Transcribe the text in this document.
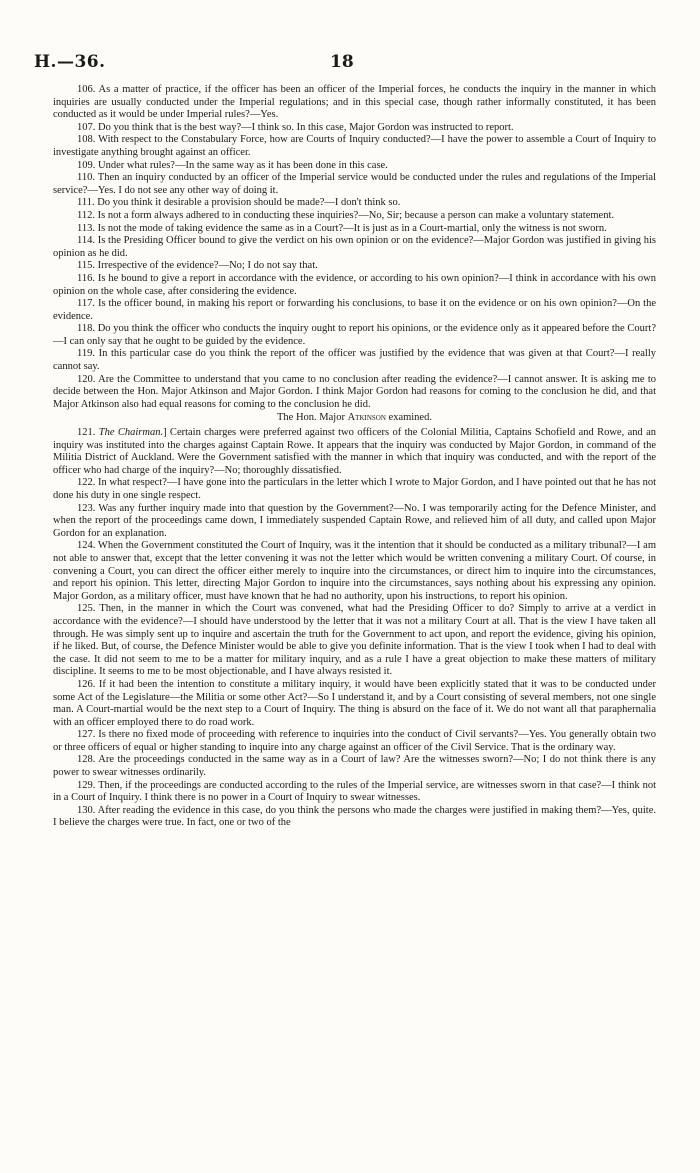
H.—36.	18

106. As a matter of practice, if the officer has been an officer of the Imperial forces, he conducts the inquiry in the manner in which inquiries are usually conducted under the Imperial regulations; and in this special case, though rather informally constituted, it has been conducted as it would be under Imperial rules?—Yes.

107. Do you think that is the best way?—I think so. In this case, Major Gordon was instructed to report.

108. With respect to the Constabulary Force, how are Courts of Inquiry conducted?—I have the power to assemble a Court of Inquiry to investigate anything brought against an officer.

109. Under what rules?—In the same way as it has been done in this case.

110. Then an inquiry conducted by an officer of the Imperial service would be conducted under the rules and regulations of the Imperial service?—Yes. I do not see any other way of doing it.

111. Do you think it desirable a provision should be made?—I don't think so.

112. Is not a form always adhered to in conducting these inquiries?—No, Sir; because a person can make a voluntary statement.

113. Is not the mode of taking evidence the same as in a Court?—It is just as in a Court-martial, only the witness is not sworn.

114. Is the Presiding Officer bound to give the verdict on his own opinion or on the evidence?—Major Gordon was justified in giving his opinion as he did.

115. Irrespective of the evidence?—No; I do not say that.

116. Is he bound to give a report in accordance with the evidence, or according to his own opinion?—I think in accordance with his own opinion on the whole case, after considering the evidence.

117. Is the officer bound, in making his report or forwarding his conclusions, to base it on the evidence or on his own opinion?—On the evidence.

118. Do you think the officer who conducts the inquiry ought to report his opinions, or the evidence only as it appeared before the Court?—I can only say that he ought to be guided by the evidence.

119. In this particular case do you think the report of the officer was justified by the evidence that was given at that Court?—I really cannot say.

120. Are the Committee to understand that you came to no conclusion after reading the evidence?—I cannot answer. It is asking me to decide between the Hon. Major Atkinson and Major Gordon. I think Major Gordon had reasons for coming to the conclusion he did, and that Major Atkinson also had equal reasons for coming to the conclusion he did.

The Hon. Major Atkinson examined.

121. The Chairman.] Certain charges were preferred against two officers of the Colonial Militia, Captains Schofield and Rowe, and an inquiry was instituted into the charges against Captain Rowe. It appears that the inquiry was conducted by Major Gordon, in command of the Militia District of Auckland. Were the Government satisfied with the manner in which that inquiry was conducted, and with the report of the officer who had charge of the inquiry?—No; thoroughly dissatisfied.

122. In what respect?—I have gone into the particulars in the letter which I wrote to Major Gordon, and I have pointed out that he has not done his duty in one single respect.

123. Was any further inquiry made into that question by the Government?—No. I was temporarily acting for the Defence Minister, and when the report of the proceedings came down, I immediately suspended Captain Rowe, and relieved him of all duty, and called upon Major Gordon for an explanation.

124. When the Government constituted the Court of Inquiry, was it the intention that it should be conducted as a military tribunal?—I am not able to answer that, except that the letter convening it was not the letter which would be written convening a military Court. Of course, in convening a Court, you can direct the officer either merely to inquire into the circumstances, or direct him to inquire into the circumstances, and report his opinion. This letter, directing Major Gordon to inquire into the circumstances, says nothing about his expressing any opinion. Major Gordon, as a military officer, must have known that he had no authority, upon his instructions, to report his opinion.

125. Then, in the manner in which the Court was convened, what had the Presiding Officer to do? Simply to arrive at a verdict in accordance with the evidence?—I should have understood by the letter that it was not a military Court at all. That is the view I have taken all through. He was simply sent up to inquire and ascertain the truth for the Government to act upon, and report the evidence, giving his opinion, if he liked. But, of course, the Defence Minister would be able to give you definite information. That is the view I took when I had to deal with the case. It did not seem to me to be a matter for military inquiry, and as a rule I have a great objection to make these matters of military discipline. It seems to me to be most objectionable, and I have always resisted it.

126. If it had been the intention to constitute a military inquiry, it would have been explicitly stated that it was to be conducted under some Act of the Legislature—the Militia or some other Act?—So I understand it, and by a Court consisting of several members, not one single man. A Court-martial would be the next step to a Court of Inquiry. The thing is absurd on the face of it. We do not want all that paraphernalia with an officer employed there to do road work.

127. Is there no fixed mode of proceeding with reference to inquiries into the conduct of Civil servants?—Yes. You generally obtain two or three officers of equal or higher standing to inquire into any charge against an officer of the Civil Service. That is the ordinary way.

128. Are the proceedings conducted in the same way as in a Court of law? Are the witnesses sworn?—No; I do not think there is any power to swear witnesses ordinarily.

129. Then, if the proceedings are conducted according to the rules of the Imperial service, are witnesses sworn in that case?—I think not in a Court of Inquiry. I think there is no power in a Court of Inquiry to swear witnesses.

130. After reading the evidence in this case, do you think the persons who made the charges were justified in making them?—Yes, quite. I believe the charges were true. In fact, one or two of the
